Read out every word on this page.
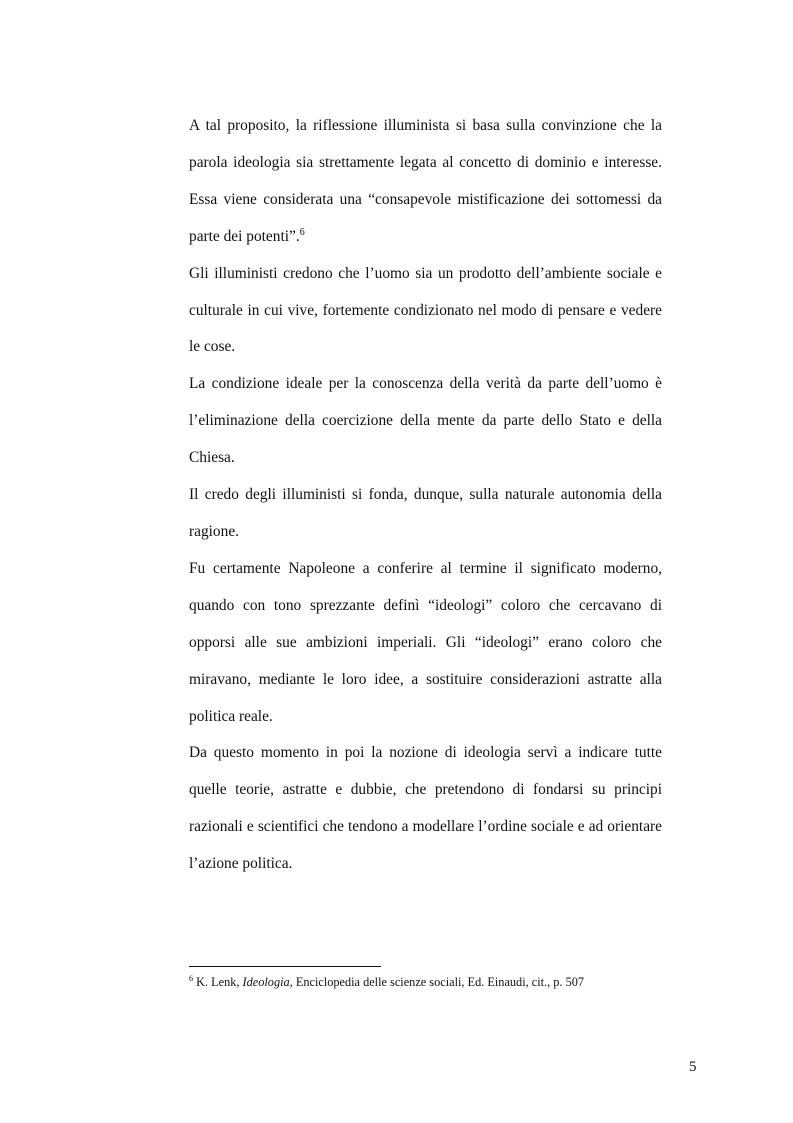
A tal proposito, la riflessione illuminista si basa sulla convinzione che la parola ideologia sia strettamente legata al concetto di dominio e interesse. Essa viene considerata una “consapevole mistificazione dei sottomessi da parte dei potenti”.$^6$

Gli illuministi credono che l’uomo sia un prodotto dell’ambiente sociale e culturale in cui vive, fortemente condizionato nel modo di pensare e vedere le cose.

La condizione ideale per la conoscenza della verità da parte dell’uomo è l’eliminazione della coercizione della mente da parte dello Stato e della Chiesa.

Il credo degli illuministi si fonda, dunque, sulla naturale autonomia della ragione.

Fu certamente Napoleone a conferire al termine il significato moderno, quando con tono sprezzante definì “ideologi” coloro che cercavano di opporsi alle sue ambizioni imperiali. Gli “ideologi” erano coloro che miravano, mediante le loro idee, a sostituire considerazioni astratte alla politica reale.

Da questo momento in poi la nozione di ideologia servì a indicare tutte quelle teorie, astratte e dubbie, che pretendono di fondarsi su principi razionali e scientifici che tendono a modellare l’ordine sociale e ad orientare l’azione politica.

$^6$ K. Lenk, Ideologia, Enciclopedia delle scienze sociali, Ed. Einaudi, cit., p. 507
5
